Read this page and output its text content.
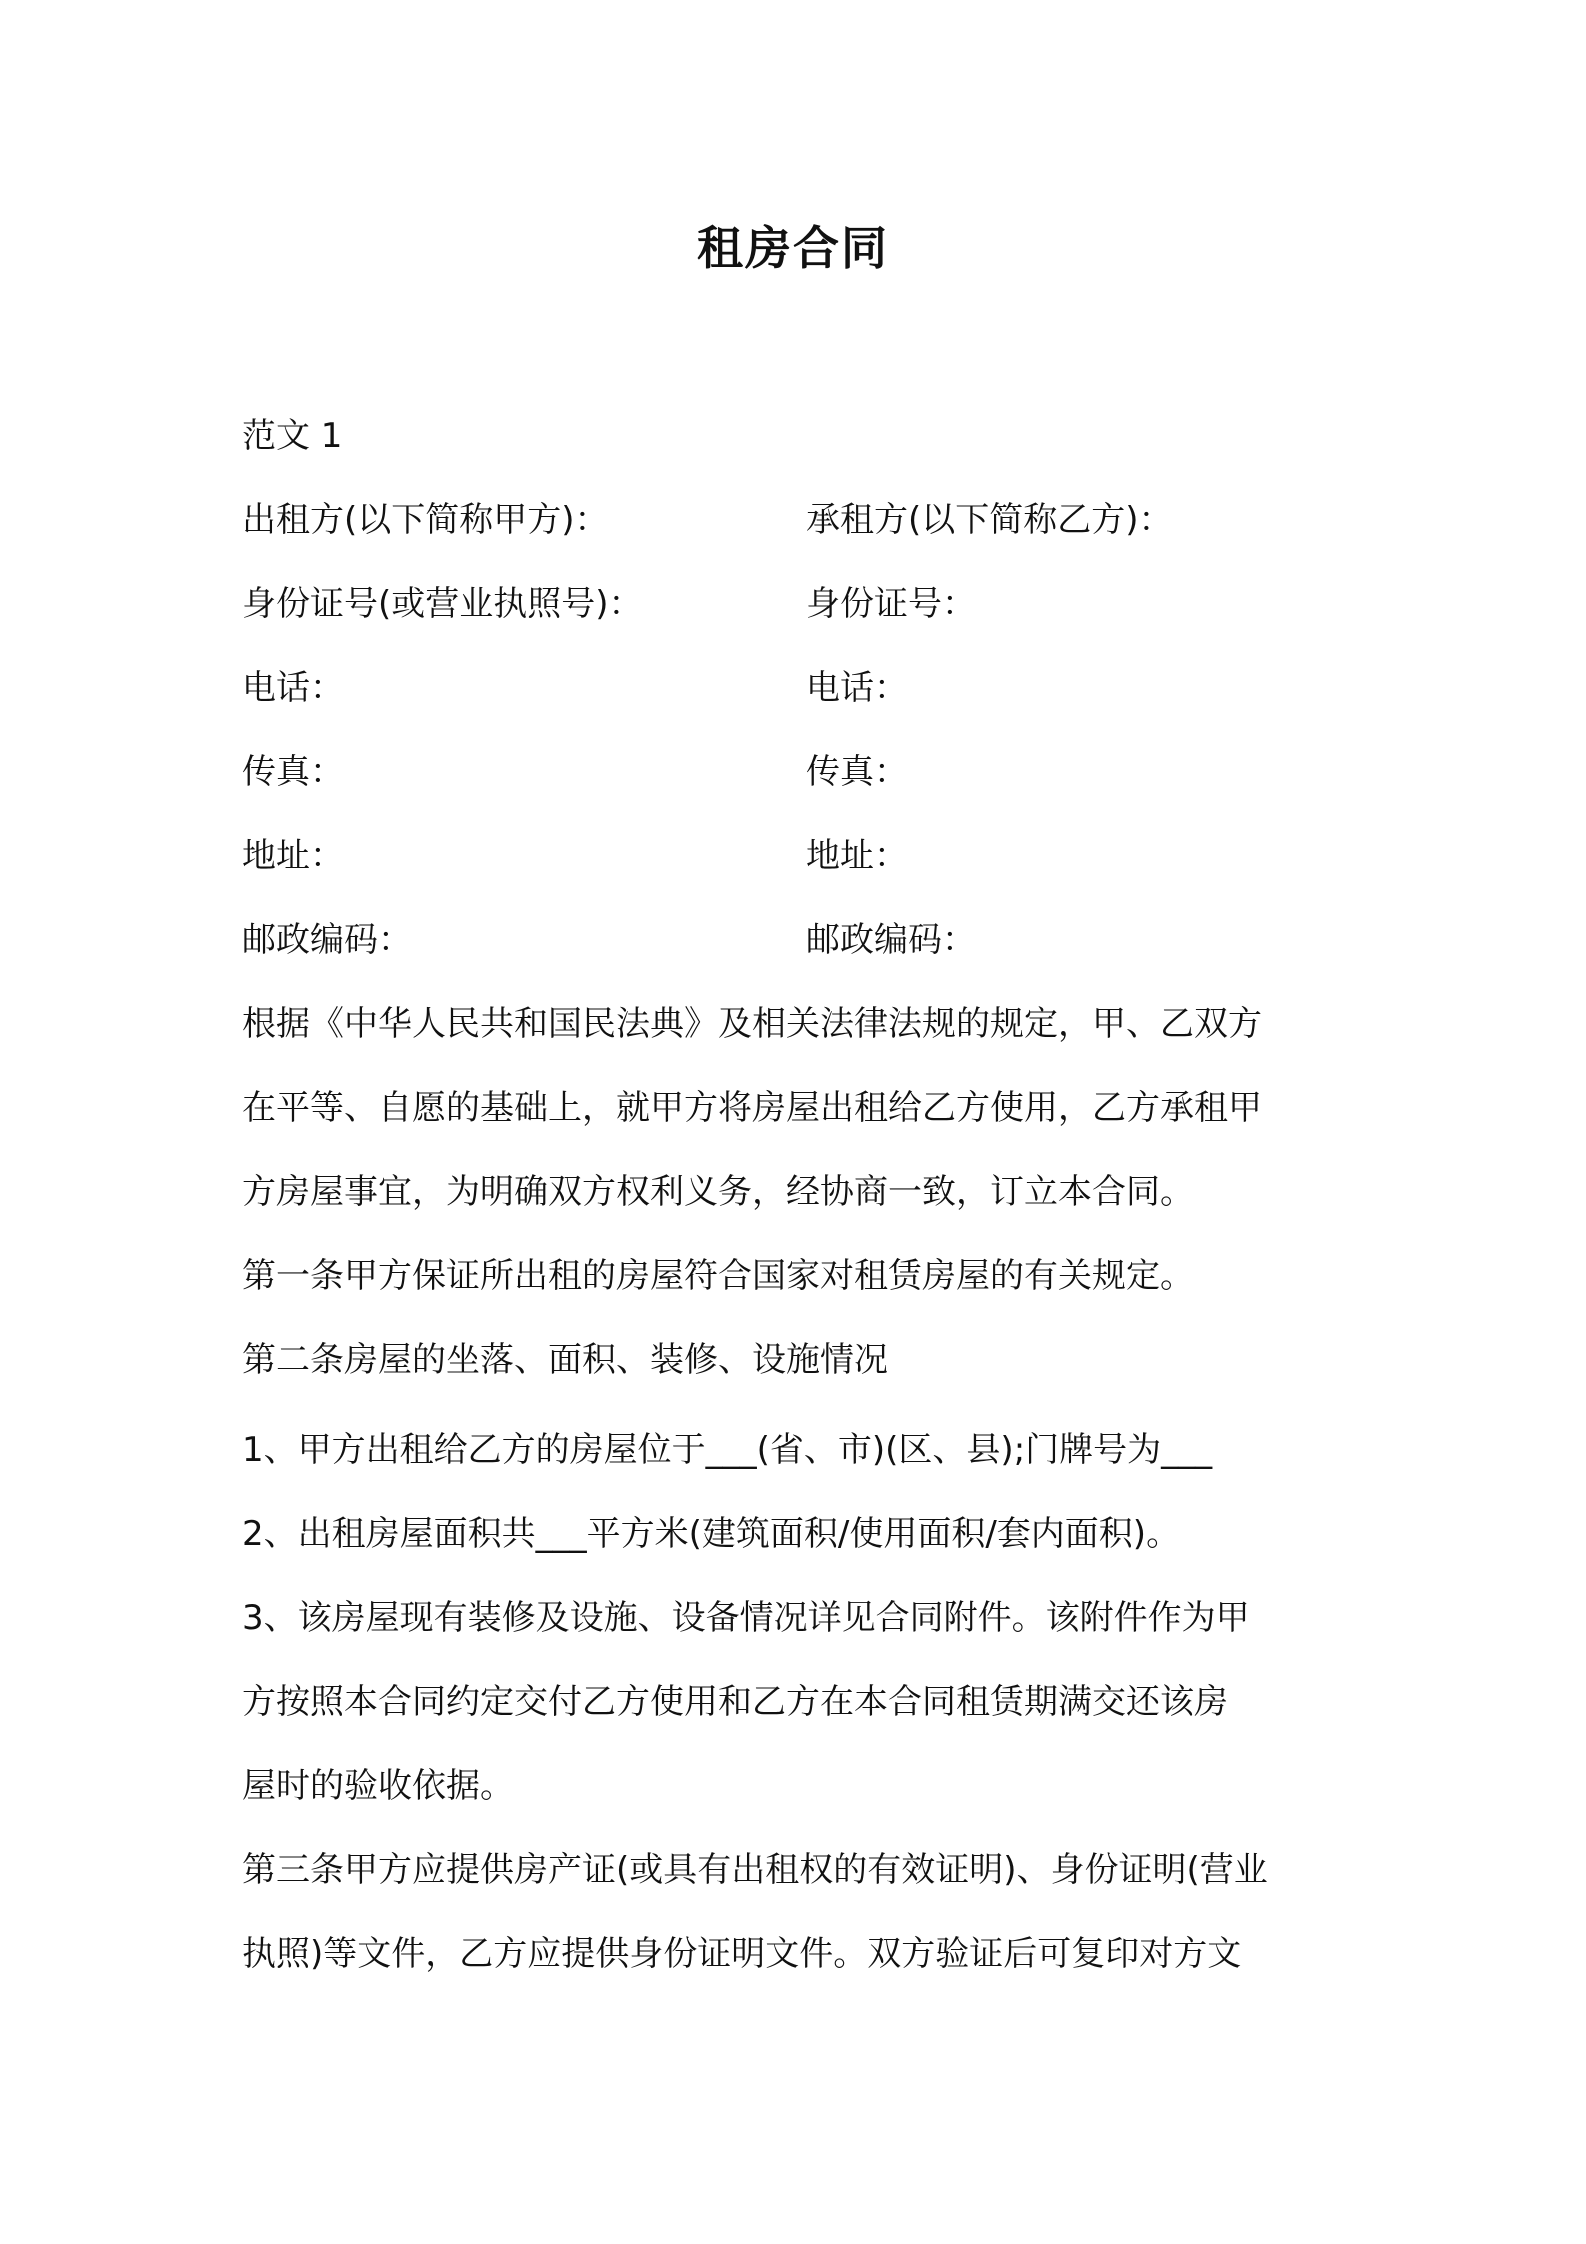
租房合同
范文 1
出租方(以下简称甲方)：	承租方(以下简称乙方)：
身份证号(或营业执照号)：	身份证号：
电话：	电话：
传真：	传真：
地址：	地址：
邮政编码：	邮政编码：
根据《中华人民共和国民法典》及相关法律法规的规定，甲、乙双方
在平等、自愿的基础上，就甲方将房屋出租给乙方使用，乙方承租甲
方房屋事宜，为明确双方权利义务，经协商一致，订立本合同。
第一条甲方保证所出租的房屋符合国家对租赁房屋的有关规定。
第二条房屋的坐落、面积、装修、设施情况
1、甲方出租给乙方的房屋位于___(省、市)(区、县);门牌号为___
2、出租房屋面积共___平方米(建筑面积/使用面积/套内面积)。
3、该房屋现有装修及设施、设备情况详见合同附件。该附件作为甲
方按照本合同约定交付乙方使用和乙方在本合同租赁期满交还该房
屋时的验收依据。
第三条甲方应提供房产证(或具有出租权的有效证明)、身份证明(营业
执照)等文件，乙方应提供身份证明文件。双方验证后可复印对方文
